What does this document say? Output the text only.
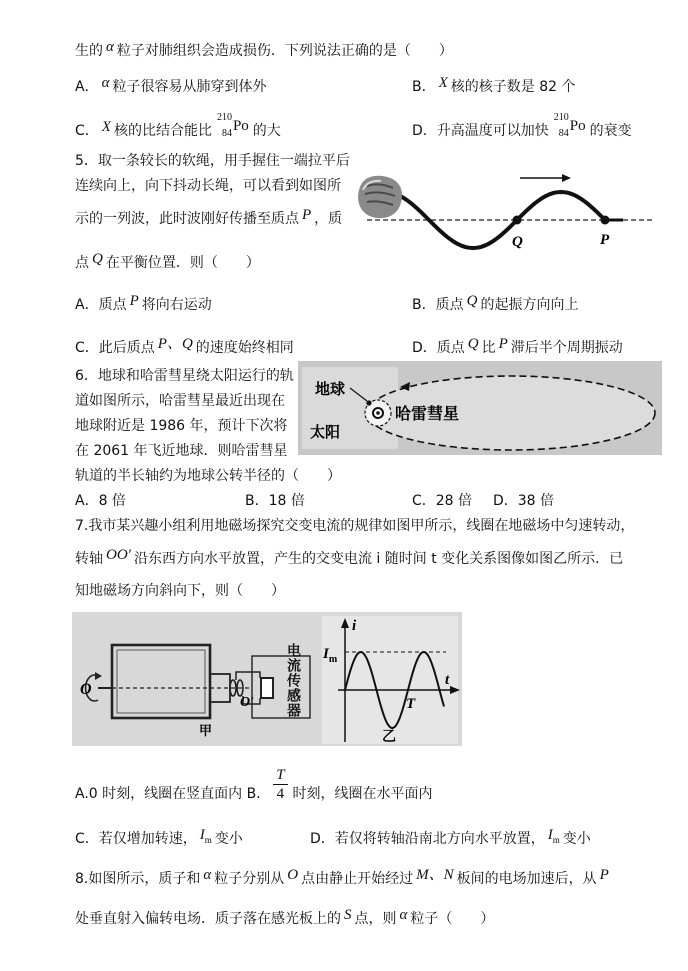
生的 α 粒子对肺组织会造成损伤．下列说法正确的是（　　）
A． α 粒子很容易从肺穿到体外	B． X 核的核子数是 82 个
C． X 核的比结合能比
210
84 Po 的大	D．升高温度可以加快
210
84 Po 的衰变
5．取一条较长的软绳，用手握住一端拉平后
连续向上，向下抖动长绳，可以看到如图所
示的一列波，此时波刚好传播至质点 P ，质
点 Q 在平衡位置．则（　　）
Q	P
A．质点 P 将向右运动	B．质点 Q 的起振方向向上
C．此后质点 P、Q 的速度始终相同	D．质点 Q 比 P 滞后半个周期振动
6．地球和哈雷彗星绕太阳运行的轨
道如图所示，哈雷彗星最近出现在
地球附近是 1986 年，预计下次将
在 2061 年飞近地球．则哈雷彗星
轨道的半长轴约为地球公转半径的（　　）
地球
太阳
哈雷彗星
A．8 倍	B．18 倍	C．28 倍 D．38 倍
7.我市某兴趣小组利用地磁场探究交变电流的规律如图甲所示，线圈在地磁场中匀速转动，
转轴 OO′ 沿东西方向水平放置，产生的交变电流 i 随时间 t 变化关系图像如图乙所示．已
知地磁场方向斜向下，则（　　）
O
O′
甲
i
t
$I_m$
T
乙
电流传感器
A.0 时刻，线圈在竖直面内 B． $\frac{T}{4}$ 时刻，线圈在水平面内
C．若仅增加转速， $I_m$ 变小	D．若仅将转轴沿南北方向水平放置， $I_m$ 变小
8.如图所示，质子和 α 粒子分别从 O 点由静止开始经过 M、N 板间的电场加速后，从 P
处垂直射入偏转电场．质子落在感光板上的 S 点，则 α 粒子（　　）
